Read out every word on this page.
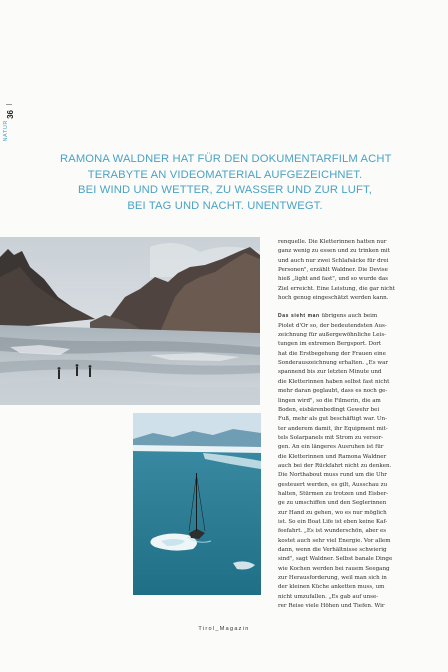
36
NATUR
RAMONA WALDNER HAT FÜR DEN DOKUMENTARFILM ACHT
TERABYTE AN VIDEOMATERIAL AUFGEZEICHNET.
BEI WIND UND WETTER, ZU WASSER UND ZUR LUFT,
BEI TAG UND NACHT. UNENTWEGT.
renquelle. Die Kletterinnen hatten nur
ganz wenig zu essen und zu trinken mit
und auch nur zwei Schlafsäcke für drei
Personen", erzählt Waldner. Die Devise
hieß „light and fast", und so wurde das
Ziel erreicht. Eine Leistung, die gar nicht
hoch genug eingeschätzt werden kann.
Das sieht man übrigens auch beim
Piolet d'Or so, der bedeutendsten Aus-
zeichnung für außergewöhnliche Leis-
tungen im extremen Bergsport. Dort
hat die Erstbegehung der Frauen eine
Sonderauszeichnung erhalten. „Es war
spannend bis zur letzten Minute und
die Kletterinnen haben selbst fast nicht
mehr daran geglaubt, dass es noch ge-
lingen wird", so die Filmerin, die am
Boden, eisbärenbedingt Gewehr bei
Fuß, mehr als gut beschäftigt war. Un-
ter anderem damit, ihr Equipment mit-
tels Solarpanels mit Strom zu versor-
gen. An ein längeres Ausruhen ist für
die Kletterinnen und Ramona Waldner
auch bei der Rückfahrt nicht zu denken.
Die Northabout muss rund um die Uhr
gesteuert werden, es gilt, Ausschau zu
halten, Stürmen zu trotzen und Eisber-
ge zu umschiffen und den Seglerinnen
zur Hand zu gehen, wo es nur möglich
ist. So ein Boat Life ist eben keine Kaf-
feefahrt. „Es ist wunderschön, aber es
kostet auch sehr viel Energie. Vor allem
dann, wenn die Verhältnisse schwierig
sind", sagt Waldner. Selbst banale Dinge
wie Kochen werden bei rauem Seegang
zur Herausforderung, weil man sich in
der kleinen Küche anketten muss, um
nicht umzufallen. „Es gab auf unse-
rer Reise viele Höhen und Tiefen. Wir
Tirol_Magazin
